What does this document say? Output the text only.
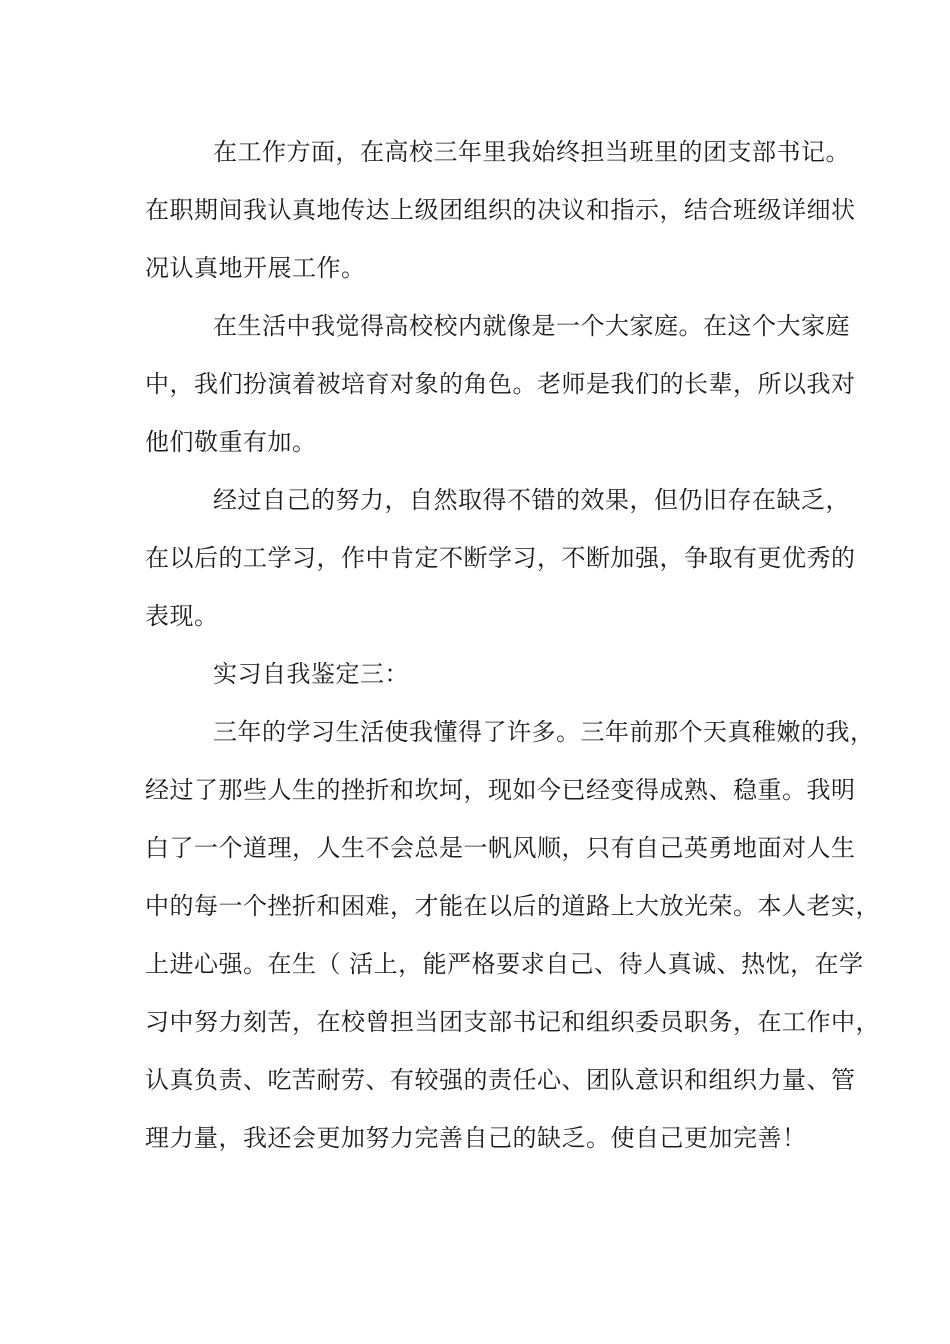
在工作方面，在高校三年里我始终担当班里的团支部书记。
在职期间我认真地传达上级团组织的决议和指示，结合班级详细状
况认真地开展工作。
在生活中我觉得高校校内就像是一个大家庭。在这个大家庭
中，我们扮演着被培育对象的角色。老师是我们的长辈，所以我对
他们敬重有加。
经过自己的努力，自然取得不错的效果，但仍旧存在缺乏，
在以后的工学习，作中肯定不断学习，不断加强，争取有更优秀的
表现。
实习自我鉴定三：
三年的学习生活使我懂得了许多。三年前那个天真稚嫩的我，
经过了那些人生的挫折和坎坷，现如今已经变得成熟、稳重。我明
白了一个道理，人生不会总是一帆风顺，只有自己英勇地面对人生
中的每一个挫折和困难，才能在以后的道路上大放光荣。本人老实，
上进心强。在生（ 活上，能严格要求自己、待人真诚、热忱，在学
习中努力刻苦，在校曾担当团支部书记和组织委员职务，在工作中，
认真负责、吃苦耐劳、有较强的责任心、团队意识和组织力量、管
理力量，我还会更加努力完善自己的缺乏。使自己更加完善！
